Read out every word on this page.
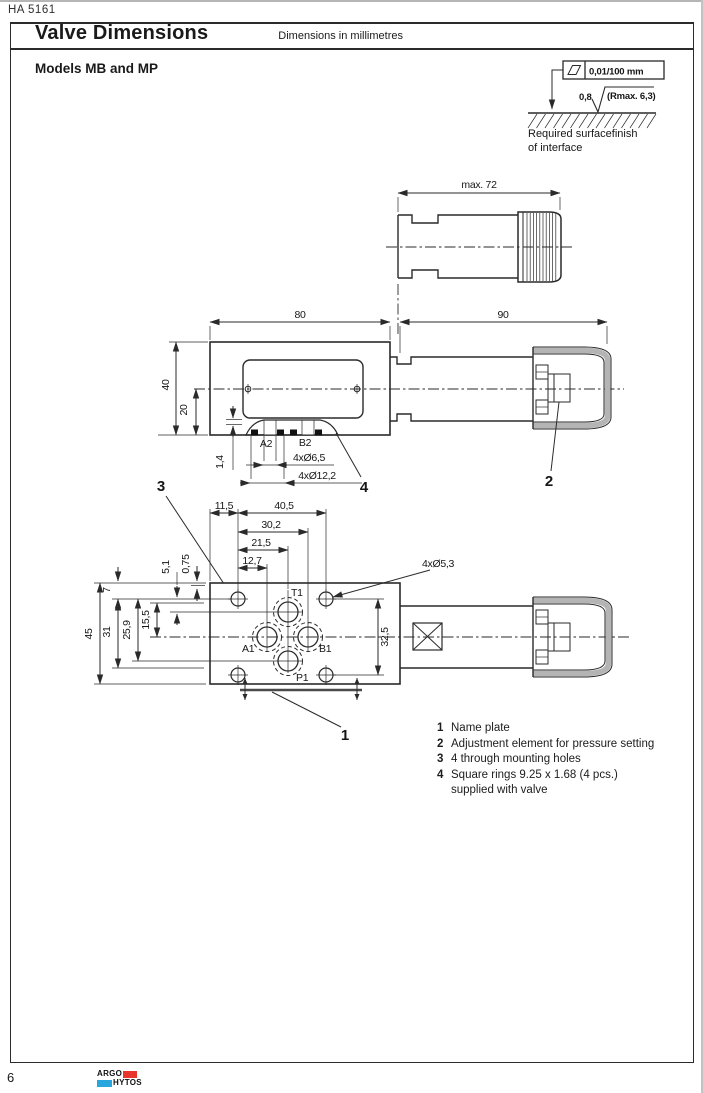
HA 5161
Valve Dimensions	Dimensions in millimetres
Models MB and MP	0,01/100 mm
0,8 (Rmax. 6,3)
Required surfacefinish
of interface
max. 72
80	90
1,4
A2	B2
4xØ6,5
4xØ12,2
40
20
2
4
3
T1
A1	B1
P1
11,5	40,5
30,2
21,5
12,7	4xØ5,3
45
7
31 25,9
15,5
5,1 0,75
32,5
1	1 Name plate
2 Adjustment element for pressure setting
3 4 through mounting holes
4 Square rings 9.25 x 1.68 (4 pcs.)
supplied with valve
6	ARGO
HYTOS
